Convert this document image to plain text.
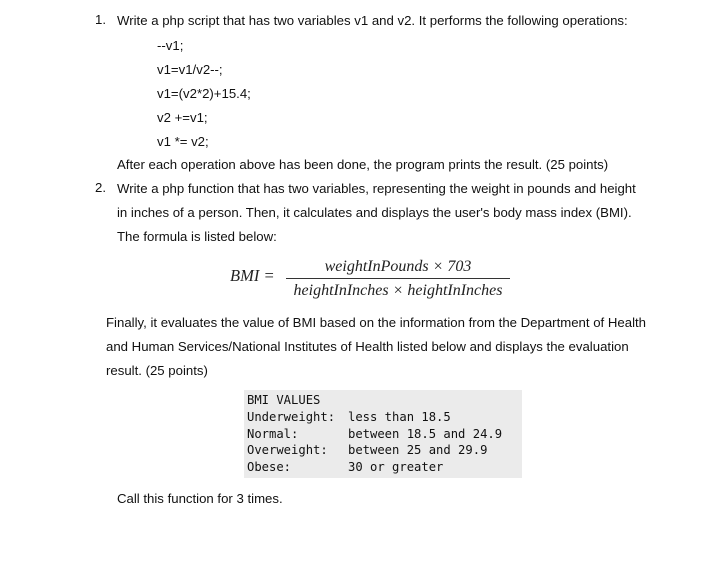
1. Write a php script that has two variables v1 and v2. It performs the following operations:
--v1;
v1=v1/v2--;
v1=(v2*2)+15.4;
v2 +=v1;
v1 *= v2;
After each operation above has been done, the program prints the result. (25 points)
2. Write a php function that has two variables, representing the weight in pounds and height
in inches of a person. Then, it calculates and displays the user's body mass index (BMI).
The formula is listed below:
BMI =	weightInPounds × 703
heightInInches × heightInInches
Finally, it evaluates the value of BMI based on the information from the Department of Health
and Human Services/National Institutes of Health listed below and displays the evaluation
result. (25 points)
BMI VALUES
Underweight: less than 18.5
Normal:	between 18.5 and 24.9
Overweight: between 25 and 29.9
Obese:	30 or greater
Call this function for 3 times.
